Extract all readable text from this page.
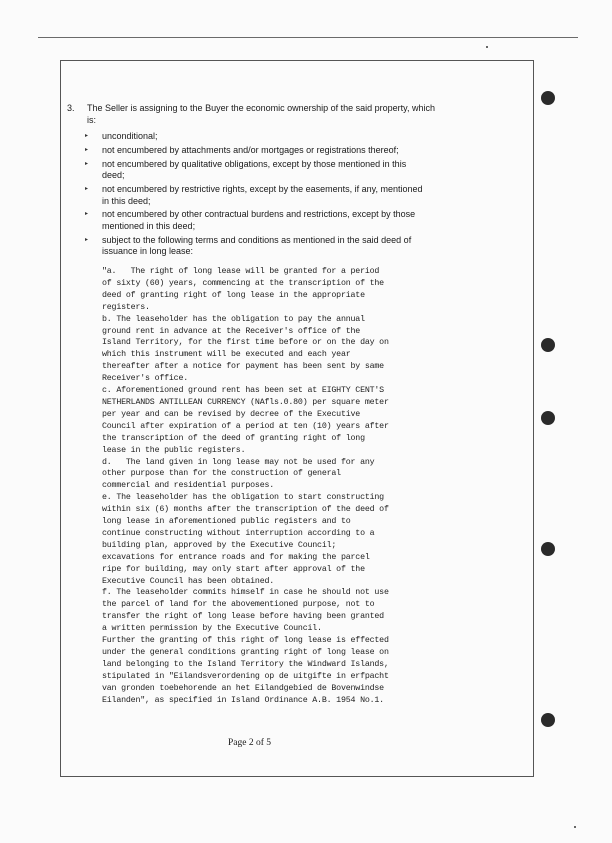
3. The Seller is assigning to the Buyer the economic ownership of the said property, which is:
▸ unconditional;
▸ not encumbered by attachments and/or mortgages or registrations thereof;
▸ not encumbered by qualitative obligations, except by those mentioned in this deed;
▸ not encumbered by restrictive rights, except by the easements, if any, mentioned in this deed;
▸ not encumbered by other contractual burdens and restrictions, except by those mentioned in this deed;
▸ subject to the following terms and conditions as mentioned in the said deed of issuance in long lease:
"a.   The right of long lease will be granted for a period
of sixty (60) years, commencing at the transcription of the
deed of granting right of long lease in the appropriate
registers.
b. The leaseholder has the obligation to pay the annual
ground rent in advance at the Receiver's office of the
Island Territory, for the first time before or on the day on
which this instrument will be executed and each year
thereafter after a notice for payment has been sent by same
Receiver's office.
c. Aforementioned ground rent has been set at EIGHTY CENT'S
NETHERLANDS ANTILLEAN CURRENCY (NAfls.0.80) per square meter
per year and can be revised by decree of the Executive
Council after expiration of a period at ten (10) years after
the transcription of the deed of granting right of long
lease in the public registers.
d.   The land given in long lease may not be used for any
other purpose than for the construction of general
commercial and residential purposes.
e. The leaseholder has the obligation to start constructing
within six (6) months after the transcription of the deed of
long lease in aforementioned public registers and to
continue constructing without interruption according to a
building plan, approved by the Executive Council;
excavations for entrance roads and for making the parcel
ripe for building, may only start after approval of the
Executive Council has been obtained.
f. The leaseholder commits himself in case he should not use
the parcel of land for the abovementioned purpose, not to
transfer the right of long lease before having been granted
a written permission by the Executive Council.
Further the granting of this right of long lease is effected
under the general conditions granting right of long lease on
land belonging to the Island Territory the Windward Islands,
stipulated in "Eilandsverordening op de uitgifte in erfpacht
van gronden toebehorende an het Eilandgebied de Bovenwindse
Eilanden", as specified in Island Ordinance A.B. 1954 No.1.
Page 2 of 5
